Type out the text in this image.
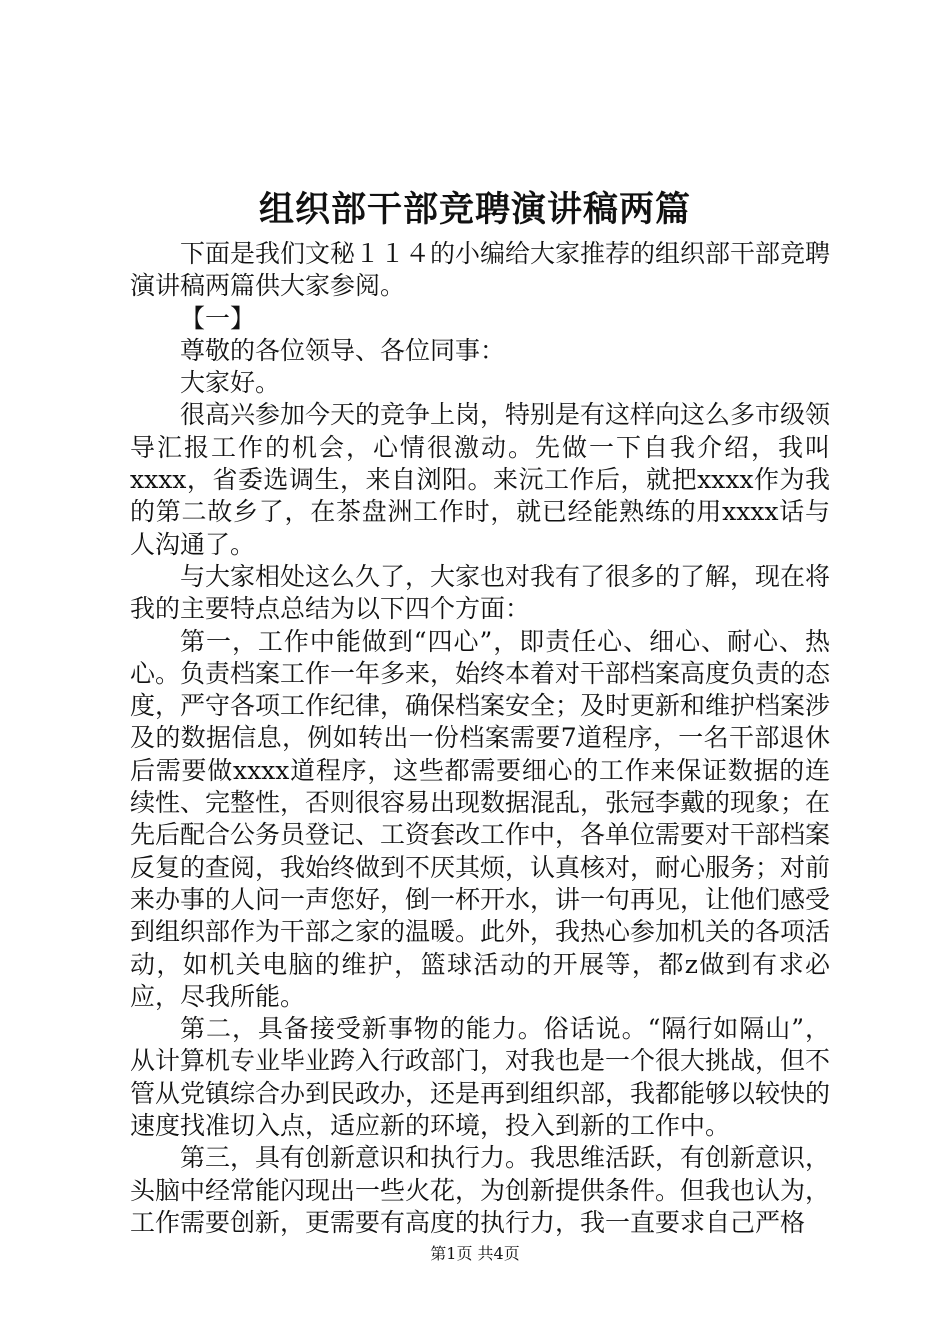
组织部干部竞聘演讲稿两篇

下面是我们文秘１１４的小编给大家推荐的组织部干部竞聘演讲稿两篇供大家参阅。

【一】

尊敬的各位领导、各位同事：

大家好。

很高兴参加今天的竞争上岗，特别是有这样向这么多市级领导汇报工作的机会，心情很激动。先做一下自我介绍，我叫xxxx，省委选调生，来自浏阳。来沅工作后，就把xxxx作为我的第二故乡了，在茶盘洲工作时，就已经能熟练的用xxxx话与人沟通了。

与大家相处这么久了，大家也对我有了很多的了解，现在将我的主要特点总结为以下四个方面：

第一，工作中能做到“四心”，即责任心、细心、耐心、热心。负责档案工作一年多来，始终本着对干部档案高度负责的态度，严守各项工作纪律，确保档案安全；及时更新和维护档案涉及的数据信息，例如转出一份档案需要7道程序，一名干部退休后需要做xxxx道程序，这些都需要细心的工作来保证数据的连续性、完整性，否则很容易出现数据混乱，张冠李戴的现象；在先后配合公务员登记、工资套改工作中，各单位需要对干部档案反复的查阅，我始终做到不厌其烦，认真核对，耐心服务；对前来办事的人问一声您好，倒一杯开水，讲一句再见，让他们感受到组织部作为干部之家的温暖。此外，我热心参加机关的各项活动，如机关电脑的维护，篮球活动的开展等，都z做到有求必应，尽我所能。

第二，具备接受新事物的能力。俗话说。“隔行如隔山”，从计算机专业毕业跨入行政部门，对我也是一个很大挑战，但不管从党镇综合办到民政办，还是再到组织部，我都能够以较快的速度找准切入点，适应新的环境，投入到新的工作中。

第三，具有创新意识和执行力。我思维活跃，有创新意识，头脑中经常能闪现出一些火花，为创新提供条件。但我也认为，工作需要创新，更需要有高度的执行力，我一直要求自己严格

第1页 共4页
